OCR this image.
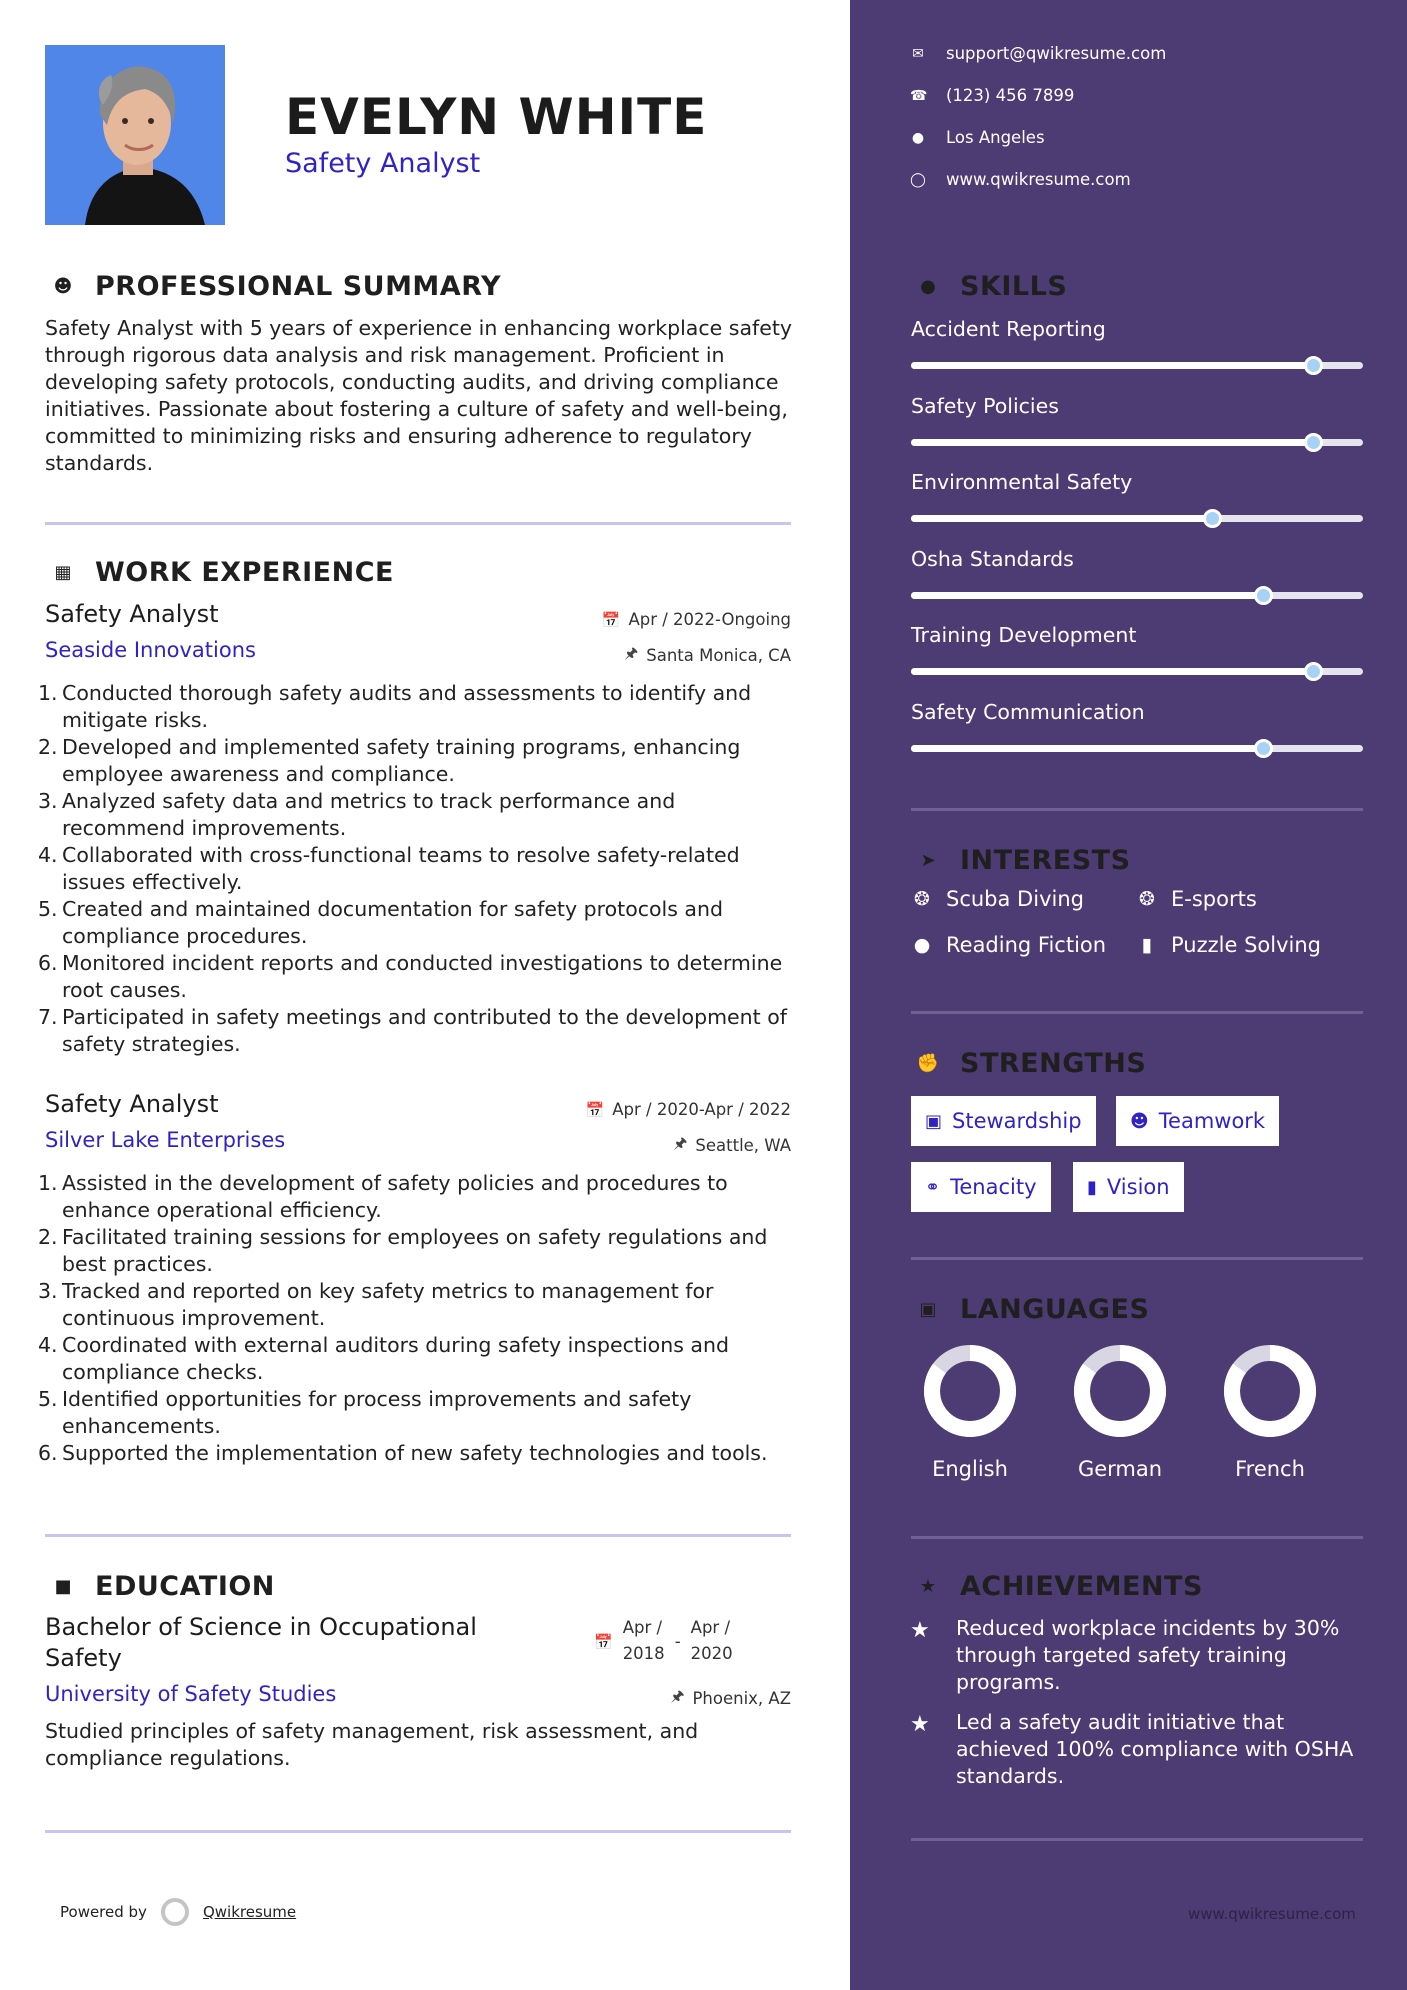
EVELYN WHITE
Safety Analyst
☻ PROFESSIONAL SUMMARY
Safety Analyst with 5 years of experience in enhancing workplace safety through rigorous data analysis and risk management. Proficient in developing safety protocols, conducting audits, and driving compliance initiatives. Passionate about fostering a culture of safety and well-being, committed to minimizing risks and ensuring adherence to regulatory standards.
▦ WORK EXPERIENCE
Safety Analyst
Seaside Innovations
📅 Apr / 2022-Ongoing
🖈 Santa Monica, CA
1. Conducted thorough safety audits and assessments to identify and mitigate risks.
2. Developed and implemented safety training programs, enhancing employee awareness and compliance.
3. Analyzed safety data and metrics to track performance and recommend improvements.
4. Collaborated with cross-functional teams to resolve safety-related issues effectively.
5. Created and maintained documentation for safety protocols and compliance procedures.
6. Monitored incident reports and conducted investigations to determine root causes.
7. Participated in safety meetings and contributed to the development of safety strategies.
Safety Analyst
Silver Lake Enterprises
📅 Apr / 2020-Apr / 2022
🖈 Seattle, WA
1. Assisted in the development of safety policies and procedures to enhance operational efficiency.
2. Facilitated training sessions for employees on safety regulations and best practices.
3. Tracked and reported on key safety metrics to management for continuous improvement.
4. Coordinated with external auditors during safety inspections and compliance checks.
5. Identified opportunities for process improvements and safety enhancements.
6. Supported the implementation of new safety technologies and tools.
■ EDUCATION
Bachelor of Science in Occupational
Safety
📅
Apr /
2018
-
Apr /
2020
University of Safety Studies	🖈 Phoenix, AZ
Studied principles of safety management, risk assessment, and compliance regulations.
Powered by	Qwikresume	www.qwikresume.com
✉ support@qwikresume.com
☎ (123) 456 7899
● Los Angeles
◯ www.qwikresume.com
● SKILLS
Accident Reporting
Safety Policies
Environmental Safety
Osha Standards
Training Development
Safety Communication
➤ INTERESTS
❂ Scuba Diving	❂ E-sports
● Reading Fiction	▮ Puzzle Solving
✊ STRENGTHS
▣ Stewardship	☻ Teamwork
⚭ Tenacity	▮ Vision
▣ LANGUAGES
English	German	French
★ ACHIEVEMENTS
★	Reduced workplace incidents by 30% through targeted safety training programs.
★	Led a safety audit initiative that achieved 100% compliance with OSHA standards.
